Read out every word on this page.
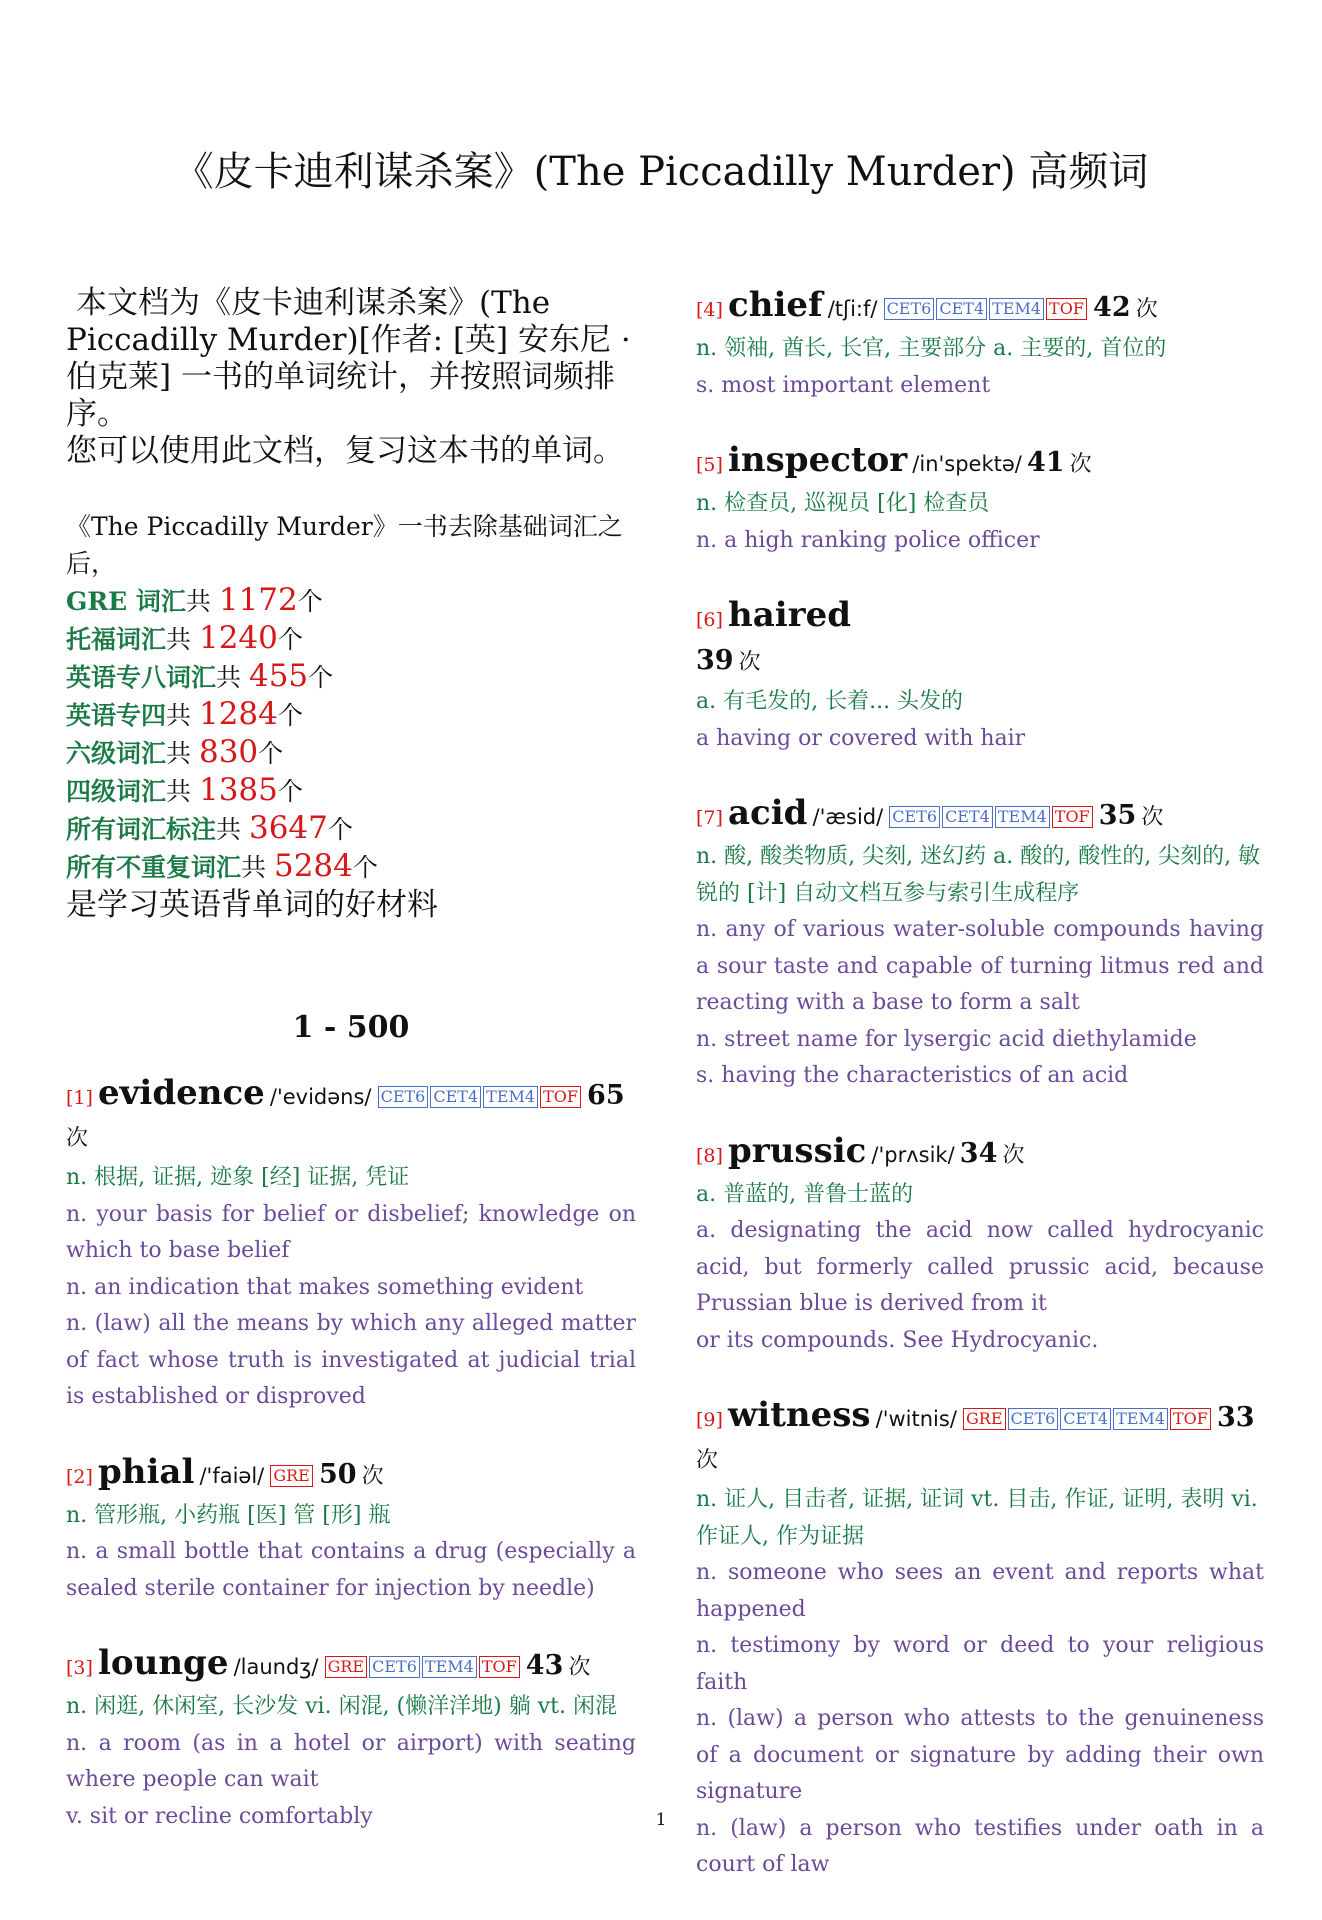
《皮卡迪利谋杀案》(The Piccadilly Murder) 高频词

本文档为《皮卡迪利谋杀案》(The Piccadilly Murder)[作者: [英] 安东尼 · 伯克莱] 一书的单词统计，并按照词频排序。

您可以使用此文档，复习这本书的单词。

《The Piccadilly Murder》一书去除基础词汇之后，

GRE 词汇共 1172个

托福词汇共 1240个

英语专八词汇共 455个

英语专四共 1284个

六级词汇共 830个

四级词汇共 1385个

所有词汇标注共 3647个

所有不重复词汇共 5284个

是学习英语背单词的好材料

1 - 500

[1] evidence /'evidəns/ CET6 CET4 TEM4 TOF 65 次

n. 根据, 证据, 迹象 [经] 证据, 凭证

n. your basis for belief or disbelief; knowledge on which to base belief

n. an indication that makes something evident

n. (law) all the means by which any alleged matter of fact whose truth is investigated at judicial trial is established or disproved

[2] phial /'faiəl/ GRE 50 次

n. 管形瓶, 小药瓶 [医] 管 [形] 瓶

n. a small bottle that contains a drug (especially a sealed sterile container for injection by needle)

[3] lounge /laundʒ/ GRE CET6 TEM4 TOF 43 次

n. 闲逛, 休闲室, 长沙发 vi. 闲混, (懒洋洋地) 躺 vt. 闲混

n. a room (as in a hotel or airport) with seating where people can wait

v. sit or recline comfortably

[4] chief /tʃi:f/ CET6 CET4 TEM4 TOF 42 次

n. 领袖, 酋长, 长官, 主要部分 a. 主要的, 首位的

s. most important element

[5] inspector /in'spektə/ 41 次

n. 检查员, 巡视员 [化] 检查员

n. a high ranking police officer

[6] haired

39 次

a. 有毛发的, 长着... 头发的

a having or covered with hair

[7] acid /'æsid/ CET6 CET4 TEM4 TOF 35 次

n. 酸, 酸类物质, 尖刻, 迷幻药 a. 酸的, 酸性的, 尖刻的, 敏锐的 [计] 自动文档互参与索引生成程序

n. any of various water-soluble compounds having a sour taste and capable of turning litmus red and reacting with a base to form a salt

n. street name for lysergic acid diethylamide

s. having the characteristics of an acid

[8] prussic /'prʌsik/ 34 次

a. 普蓝的, 普鲁士蓝的

a. designating the acid now called hydrocyanic acid, but formerly called prussic acid, because Prussian blue is derived from it

or its compounds. See Hydrocyanic.

[9] witness /'witnis/ GRE CET6 CET4 TEM4 TOF 33 次

n. 证人, 目击者, 证据, 证词 vt. 目击, 作证, 证明, 表明 vi. 作证人, 作为证据

n. someone who sees an event and reports what happened

n. testimony by word or deed to your religious faith

n. (law) a person who attests to the genuineness of a document or signature by adding their own signature

n. (law) a person who testifies under oath in a court of law

1
